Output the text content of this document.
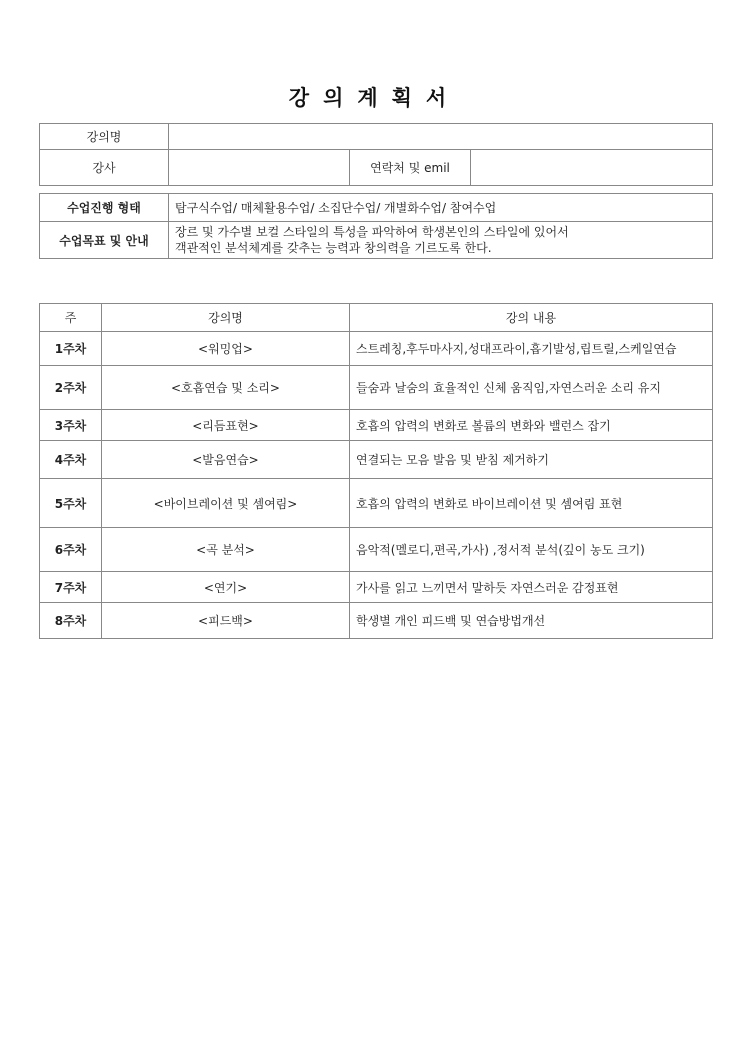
강의계획서
강의명			
강사		연락처 및 emil	
수업진행 형태	탐구식수업/ 매체활용수업/ 소집단수업/ 개별화수업/ 참여수업
수업목표 및 안내	장르 및 가수별 보컬 스타일의 특성을 파악하여 학생본인의 스타일에 있어서
객관적인 분석체계를 갖추는 능력과 창의력을 기르도록 한다.
주	강의명	강의 내용
1주차	<워밍업>	스트레칭,후두마사지,성대프라이,흡기발성,립트릴,스케일연습
2주차	<호흡연습 및 소리>	들숨과 날숨의 효율적인 신체 움직임,자연스러운 소리 유지
3주차	<리듬표현>	호흡의 압력의 변화로 볼륨의 변화와 밸런스 잡기
4주차	<발음연습>	연결되는 모음 발음 및 받침 제거하기
5주차	<바이브레이션 및 셈여림>	호흡의 압력의 변화로 바이브레이션 및 셈여림 표현
6주차	<곡 분석>	음악적(멜로디,편곡,가사) ,정서적 분석(깊이 농도 크기)
7주차	<연기>	가사를 읽고 느끼면서 말하듯 자연스러운 감정표현
8주차	<피드백>	학생별 개인 피드백 및 연습방법개선
